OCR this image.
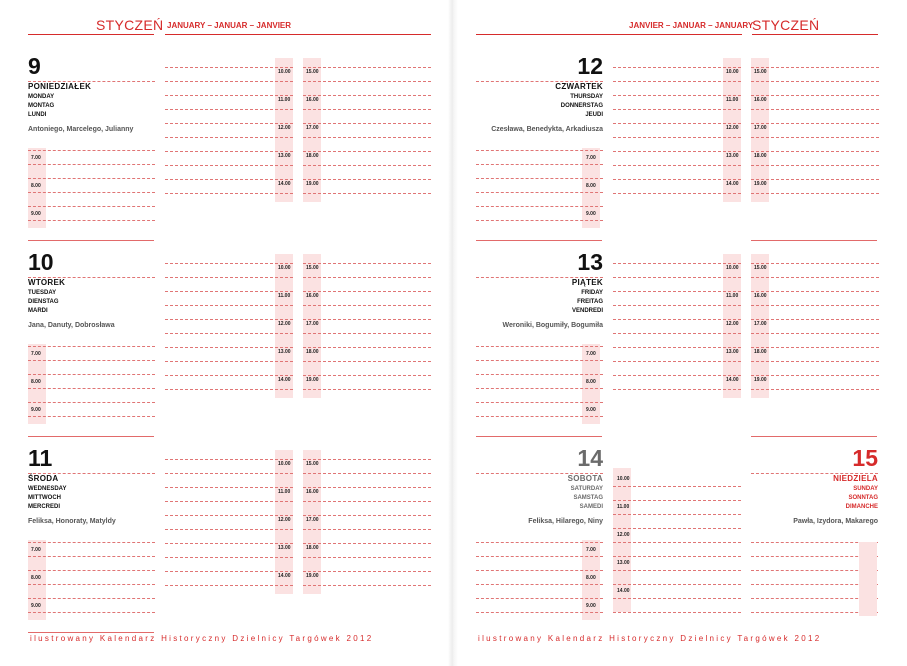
STYCZEŃ JANUARY – JANUAR – JANVIER
9
PONIEDZIAŁEK
MONDAY
MONTAG
LUNDI
Antoniego, Marcelego, Julianny
7.00
8.00
9.00
10.00
11.00
12.00
13.00
14.00
15.00
16.00
17.00
18.00
19.00
10
WTOREK
TUESDAY
DIENSTAG
MARDI
Jana, Danuty, Dobrosława
7.00
8.00
9.00
10.00
11.00
12.00
13.00
14.00
15.00
16.00
17.00
18.00
19.00
11
ŚRODA
WEDNESDAY
MITTWOCH
MERCREDI
Feliksa, Honoraty, Matyldy
7.00
8.00
9.00
10.00
11.00
12.00
13.00
14.00
15.00
16.00
17.00
18.00
19.00
ilustrowany Kalendarz Historyczny Dzielnicy Targówek 2012
JANVIER – JANUAR – JANUARY
STYCZEŃ
12
CZWARTEK
THURSDAY
DONNERSTAG
JEUDI
Czesława, Benedykta, Arkadiusza
7.00
8.00
9.00
10.00
11.00
12.00
13.00
14.00
15.00
16.00
17.00
18.00
19.00
13
PIĄTEK
FRIDAY
FREITAG
VENDREDI
Weroniki, Bogumiły, Bogumiła
7.00
8.00
9.00
10.00
11.00
12.00
13.00
14.00
15.00
16.00
17.00
18.00
19.00
14
SOBOTA
SATURDAY
SAMSTAG
SAMEDI
Feliksa, Hilarego, Niny
7.00
8.00
9.00
10.00
11.00
12.00
13.00
14.00
15
NIEDZIELA
SUNDAY
SONNTAG
DIMANCHE
Pawła, Izydora, Makarego
ilustrowany Kalendarz Historyczny Dzielnicy Targówek 2012
